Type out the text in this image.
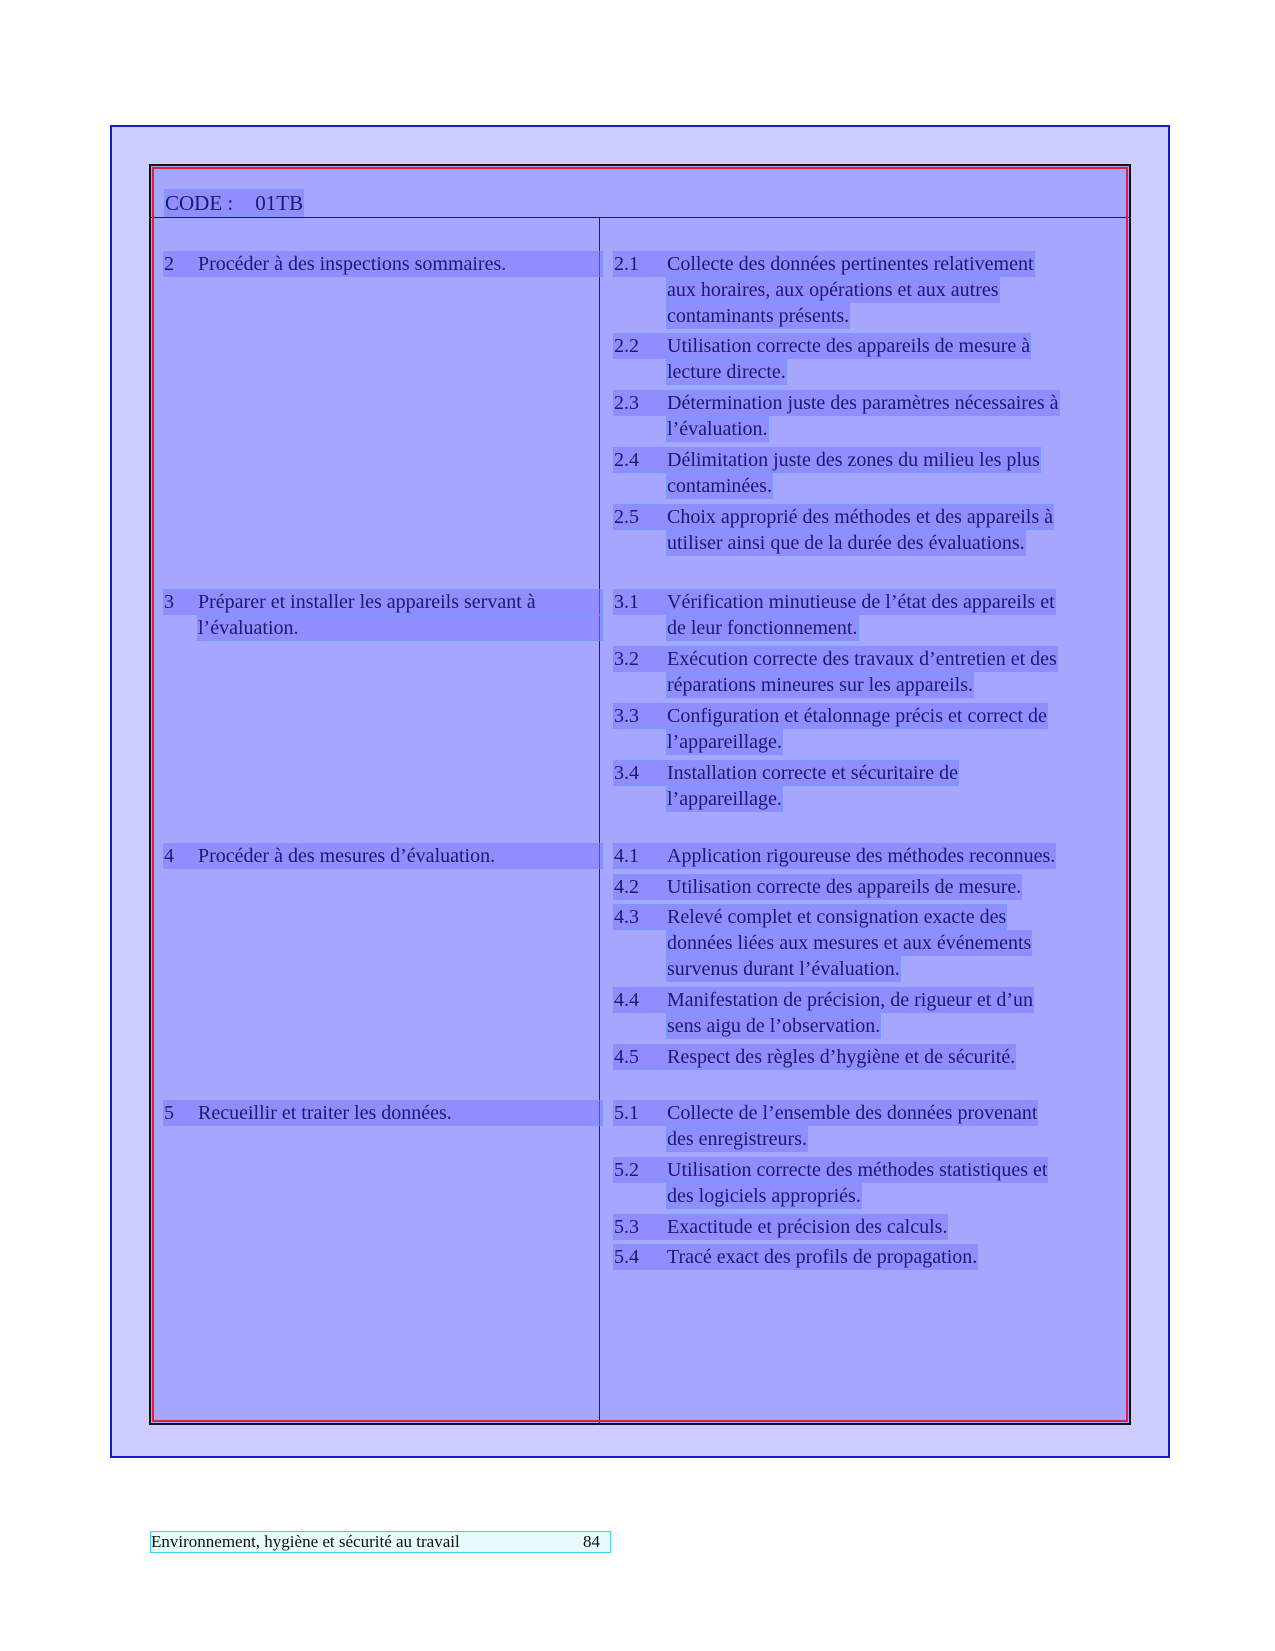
CODE : 01TB
2 Procéder à des inspections sommaires.	2.1 Collecte des données pertinentes relativement
aux horaires, aux opérations et aux autres
contaminants présents.
2.2 Utilisation correcte des appareils de mesure à
lecture directe.
2.3 Détermination juste des paramètres nécessaires à
l’évaluation.
2.4 Délimitation juste des zones du milieu les plus
contaminées.
2.5 Choix approprié des méthodes et des appareils à
utiliser ainsi que de la durée des évaluations.
3 Préparer et installer les appareils servant à
l’évaluation.
3.1 Vérification minutieuse de l’état des appareils et
de leur fonctionnement.
3.2 Exécution correcte des travaux d’entretien et des
réparations mineures sur les appareils.
3.3 Configuration et étalonnage précis et correct de
l’appareillage.
3.4 Installation correcte et sécuritaire de
l’appareillage.
4 Procéder à des mesures d’évaluation.	4.1 Application rigoureuse des méthodes reconnues.
4.2 Utilisation correcte des appareils de mesure.
4.3 Relevé complet et consignation exacte des
données liées aux mesures et aux événements
survenus durant l’évaluation.
4.4 Manifestation de précision, de rigueur et d’un
sens aigu de l’observation.
4.5 Respect des règles d’hygiène et de sécurité.
5 Recueillir et traiter les données.	5.1 Collecte de l’ensemble des données provenant
des enregistreurs.
5.2 Utilisation correcte des méthodes statistiques et
des logiciels appropriés.
5.3 Exactitude et précision des calculs.
5.4 Tracé exact des profils de propagation.
Environnement, hygiène et sécurité au travail	84
